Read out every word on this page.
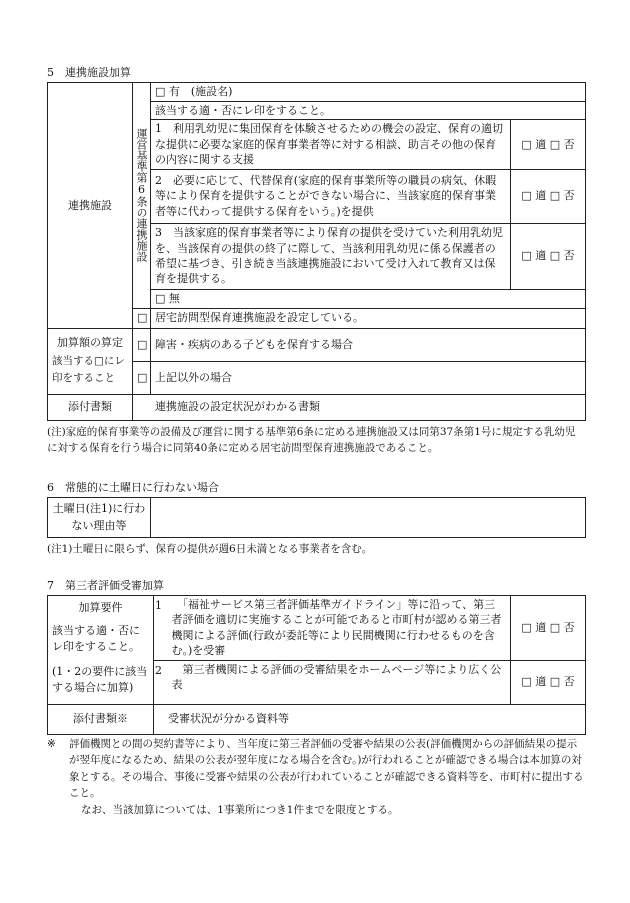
5　連携施設加算
連携施設	運営基準第6条の連携施設	□ 有　(施設名)	
		該当する適・否にレ印をすること。	
		1　利用乳幼児に集団保育を体験させるための機会の設定、保育の適切な提供に必要な家庭的保育事業者等に対する相談、助言その他の保育の内容に関する支援	□ 適 □ 否
		2　必要に応じて、代替保育(家庭的保育事業所等の職員の病気、休暇等により保育を提供することができない場合に、当該家庭的保育事業者等に代わって提供する保育をいう。)を提供	□ 適 □ 否
		3　当該家庭的保育事業者等により保育の提供を受けていた利用乳幼児を、当該保育の提供の終了に際して、当該利用乳幼児に係る保護者の希望に基づき、引き続き当該連携施設において受け入れて教育又は保育を提供する。	□ 適 □ 否
		□ 無	
	□	居宅訪問型保育連携施設を設定している。	

加算額の算定
該当する□にレ印をすること	□	障害・疾病のある子どもを保育する場合	
	□	上記以外の場合	
添付書類	連携施設の設定状況がわかる書類		
(注)家庭的保育事業等の設備及び運営に関する基準第6条に定める連携施設又は同第37条第1号に規定する乳幼児に対する保育を行う場合に同第40条に定める居宅訪問型保育連携施設であること。
6　常態的に土曜日に行わない場合
土曜日(注1)に行わない理由等	
(注1)土曜日に限らず、保育の提供が週6日未満となる事業者を含む。
7　第三者評価受審加算
加算要件
該当する適・否にレ印をすること。
(1・2の要件に該当する場合に加算)	1	　「福祉サービス第三者評価基準ガイドライン」等に沿って、第三者評価を適切に実施することが可能であると市町村が認める第三者機関による評価(行政が委託等により民間機関に行わせるものを含む。)を受審	□ 適 □ 否
	2	　第三者機関による評価の受審結果をホームページ等により広く公表	□ 適 □ 否
添付書類※	受審状況が分かる資料等		
※ 評価機関との間の契約書等により、当年度に第三者評価の受審や結果の公表(評価機関からの評価結果の提示が翌年度になるため、結果の公表が翌年度になる場合を含む。)が行われることが確認できる場合は本加算の対象とする。その場合、事後に受審や結果の公表が行われていることが確認できる資料等を、市町村に提出すること。
なお、当該加算については、1事業所につき1件までを限度とする。
